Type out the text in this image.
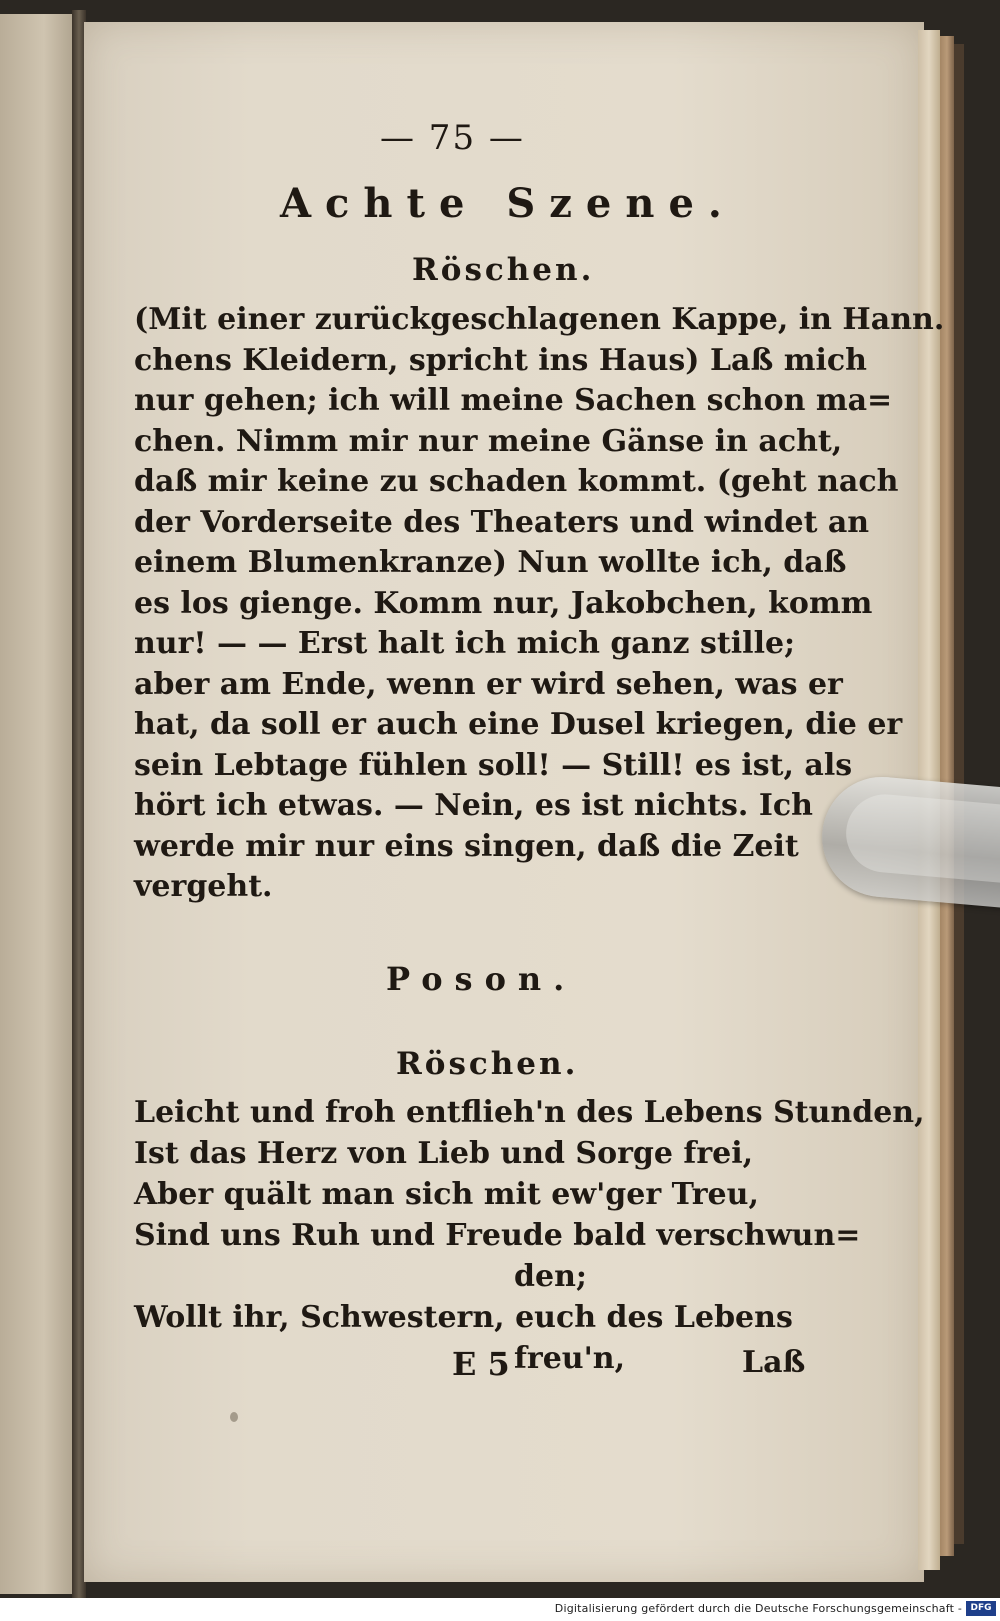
— 75 —
Achte Szene.
Röschen.
(Mit einer zurückgeschlagenen Kappe, in Hann.
chens Kleidern, spricht ins Haus) Laß mich
nur gehen; ich will meine Sachen schon ma=
chen. Nimm mir nur meine Gänse in acht,
daß mir keine zu schaden kommt. (geht nach
der Vorderseite des Theaters und windet an
einem Blumenkranze) Nun wollte ich, daß
es los gienge. Komm nur, Jakobchen, komm
nur! — — Erst halt ich mich ganz stille;
aber am Ende, wenn er wird sehen, was er
hat, da soll er auch eine Dusel kriegen, die er
sein Lebtage fühlen soll! — Still! es ist, als
hört ich etwas. — Nein, es ist nichts. Ich
werde mir nur eins singen, daß die Zeit
vergeht.
Poson.
Röschen.
Leicht und froh entflieh'n des Lebens Stunden,
Ist das Herz von Lieb und Sorge frei,
Aber quält man sich mit ew'ger Treu,
Sind uns Ruh und Freude bald verschwun=
den;
Wollt ihr, Schwestern, euch des Lebens
freu'n,
E 5	Laß
Digitalisierung gefördert durch die Deutsche Forschungsgemeinschaft - DFG
